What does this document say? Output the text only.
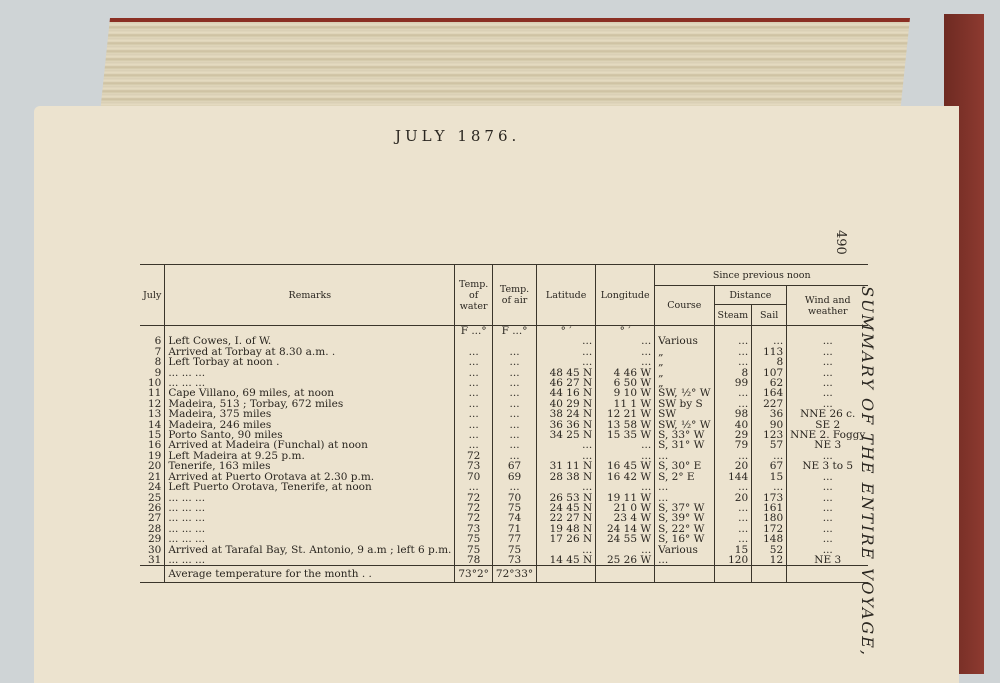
JULY 1876.
490
SUMMARY OF THE ENTIRE VOYAGE,
July	Remarks	Temp. of water	Temp. of air	Latitude	Longitude	Since previous noon			
						Course	Distance		Wind and weather
							Steam	Sail	
		F ...°	F ...°	° ′	° ′				
6	Left Cowes, I. of W.			...	...	Various	...	...	...
7	Arrived at Torbay at 8.30 a.m. .	...	...	...	...	„	...	113	...
8	Left Torbay at noon .	...	...	...	...	„	...	8	...
9	... ... ...	...	...	48 45 N	4 46 W	„	8	107	...
10	... ... ...	...	...	46 27 N	6 50 W	„	99	62	...
11	Cape Villano, 69 miles, at noon	...	...	44 16 N	9 10 W	SW, ½° W	...	164	...
12	Madeira, 513 ; Torbay, 672 miles	...	...	40 29 N	11 1 W	SW by S	...	227	...
13	Madeira, 375 miles	...	...	38 24 N	12 21 W	SW	98	36	NNE 26 c.
14	Madeira, 246 miles	...	...	36 36 N	13 58 W	SW, ½° W	40	90	SE 2
15	Porto Santo, 90 miles	...	...	34 25 N	15 35 W	S, 33° W	29	123	NNE 2. Foggy
16	Arrived at Madeira (Funchal) at noon	...	...	...	...	S, 31° W	79	57	NE 3
19	Left Madeira at 9.25 p.m.	72	...	...	...	...	...	...	...
20	Tenerife, 163 miles	73	67	31 11 N	16 45 W	S, 30° E	20	67	NE 3 to 5
21	Arrived at Puerto Orotava at 2.30 p.m.	70	69	28 38 N	16 42 W	S, 2° E	144	15	...
24	Left Puerto Orotava, Tenerife, at noon	...	...	...	...	...	...	...	...
25	... ... ...	72	70	26 53 N	19 11 W	...	20	173	...
26	... ... ...	72	75	24 45 N	21 0 W	S, 37° W	...	161	...
27	... ... ...	72	74	22 27 N	23 4 W	S, 39° W	...	180	...
28	... ... ...	73	71	19 48 N	24 14 W	S, 22° W	...	172	...
29	... ... ...	75	77	17 26 N	24 55 W	S, 16° W	...	148	...
30	Arrived at Tarafal Bay, St. Antonio, 9 a.m ; left 6 p.m.	75	75	...	...	Various	15	52	...
31	... ... ...	78	73	14 45 N	25 26 W	...	120	12	NE 3
	Average temperature for the month . .	73°2°	72°33°						
